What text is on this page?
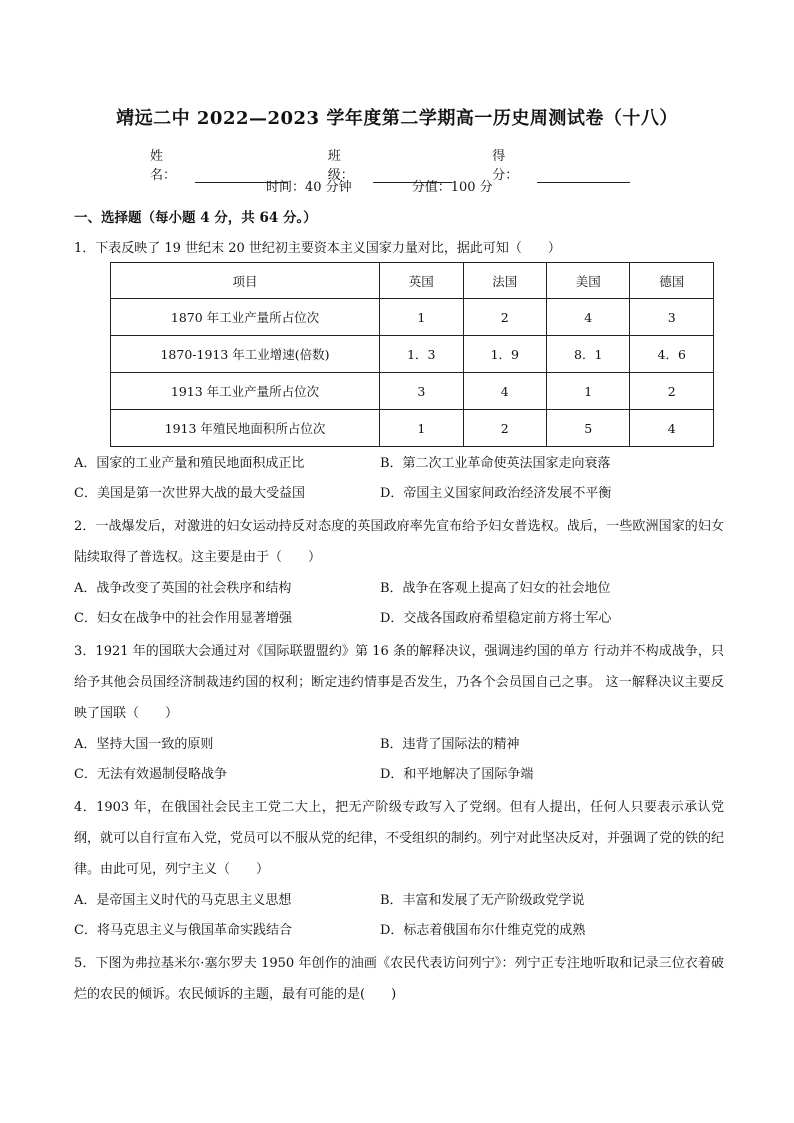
靖远二中 2022—2023 学年度第二学期高一历史周测试卷（十八）
姓名：
班级：
得分：
时间：40 分钟	分值：100 分
一、选择题（每小题 4 分，共 64 分。）
1．下表反映了 19 世纪末 20 世纪初主要资本主义国家力量对比，据此可知（　　）
项目	英国	法国	美国	德国
1870 年工业产量所占位次	1	2	4	3
1870-1913 年工业增速(倍数)	1．3	1．9	8．1	4．6
1913 年工业产量所占位次	3	4	1	2
1913 年殖民地面积所占位次	1	2	5	4
A．国家的工业产量和殖民地面积成正比	B．第二次工业革命使英法国家走向衰落
C．美国是第一次世界大战的最大受益国	D．帝国主义国家间政治经济发展不平衡
2．一战爆发后，对激进的妇女运动持反对态度的英国政府率先宣布给予妇女普选权。战后，一些欧洲国家的妇女陆续取得了普选权。这主要是由于（　　）
A．战争改变了英国的社会秩序和结构	B．战争在客观上提高了妇女的社会地位
C．妇女在战争中的社会作用显著增强	D．交战各国政府希望稳定前方将士军心
3．1921 年的国联大会通过对《国际联盟盟约》第 16 条的解释决议，强调违约国的单方 行动并不构成战争，只给予其他会员国经济制裁违约国的权利；断定违约情事是否发生，乃各个会员国自己之事。 这一解释决议主要反映了国联（　　）
A．坚持大国一致的原则	B．违背了国际法的精神
C．无法有效遏制侵略战争	D．和平地解决了国际争端
4．1903 年，在俄国社会民主工党二大上，把无产阶级专政写入了党纲。但有人提出，任何人只要表示承认党纲，就可以自行宣布入党，党员可以不服从党的纪律，不受组织的制约。列宁对此坚决反对，并强调了党的铁的纪律。由此可见，列宁主义（　　）
A．是帝国主义时代的马克思主义思想	B．丰富和发展了无产阶级政党学说
C．将马克思主义与俄国革命实践结合	D．标志着俄国布尔什维克党的成熟
5．下图为弗拉基米尔·塞尔罗夫 1950 年创作的油画《农民代表访问列宁》：列宁正专注地听取和记录三位衣着破烂的农民的倾诉。农民倾诉的主题，最有可能的是(　　)
